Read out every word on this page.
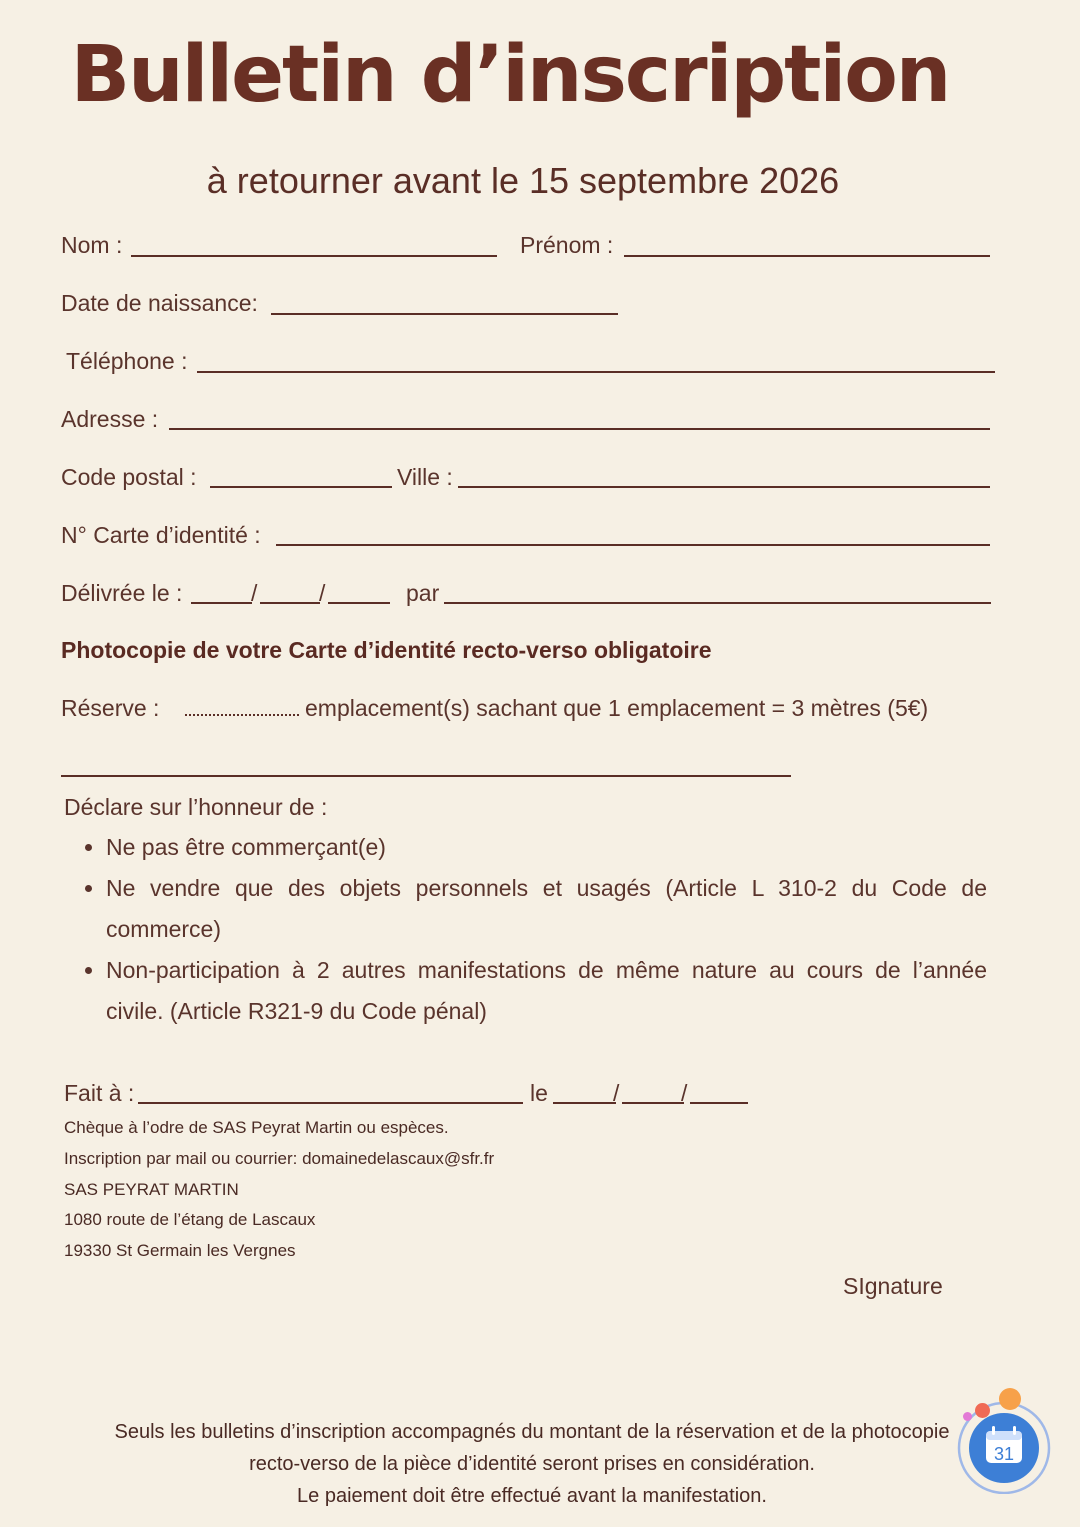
Bulletin d’inscription
à retourner avant le 15 septembre 2026
Nom :	Prénom :
Date de naissance:
Téléphone :
Adresse :
Code postal :	Ville :
N° Carte d’identité :
Délivrée le :	/	/	par
Photocopie de votre Carte d’identité recto-verso obligatoire
Réserve :	emplacement(s) sachant que 1 emplacement = 3 mètres (5€)
Déclare sur l’honneur de :
• Ne pas être commerçant(e)
• Ne vendre que des objets personnels et usagés (Article L 310-2 du Code de commerce)
• Non-participation à 2 autres manifestations de même nature au cours de l’année civile. (Article R321-9 du Code pénal)
Fait à :	le	/	/
Chèque à l’odre de SAS Peyrat Martin ou espèces.
Inscription par mail ou courrier: domainedelascaux@sfr.fr
SAS PEYRAT MARTIN
1080 route de l’étang de Lascaux
19330 St Germain les Vergnes
SIgnature
Seuls les bulletins d’inscription accompagnés du montant de la réservation et de la photocopie
recto-verso de la pièce d’identité seront prises en considération.
Le paiement doit être effectué avant la manifestation.
31
